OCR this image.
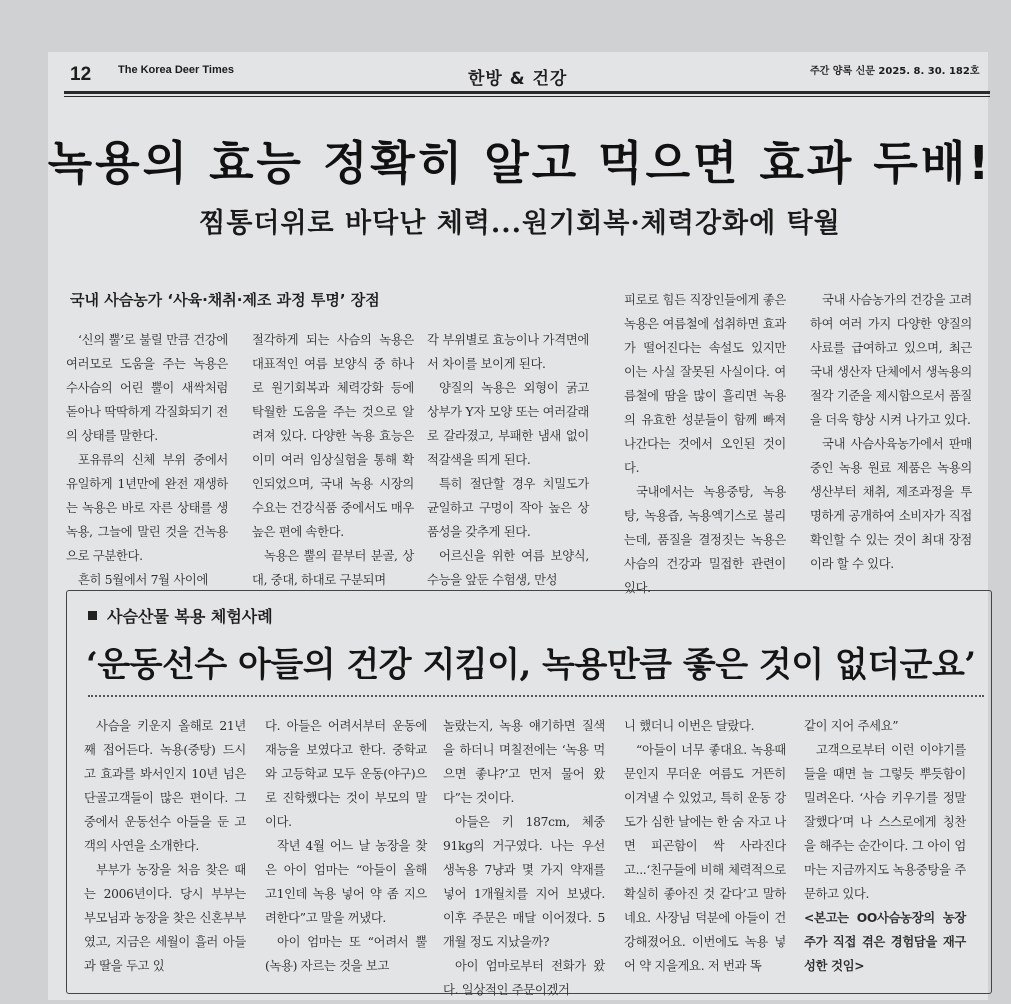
12 The Korea Deer Times	한방 & 건강	주간 양록 신문 2025. 8. 30. 182호
녹용의 효능 정확히 알고 먹으면 효과 두배!
찜통더위로 바닥난 체력...원기회복·체력강화에 탁월
국내 사슴농가 ‘사육·채취·제조 과정 투명’ 장점

‘신의 뿔’로 불릴 만큼 건강에 여러모로 도움을 주는 녹용은 수사슴의 어린 뿔이 새싹처럼 돋아나 딱딱하게 각질화되기 전의 상태를 말한다.

포유류의 신체 부위 중에서 유일하게 1년만에 완전 재생하는 녹용은 바로 자른 상태를 생녹용, 그늘에 말린 것을 건녹용으로 구분한다.

흔히 5월에서 7월 사이에

절각하게 되는 사슴의 녹용은 대표적인 여름 보양식 중 하나로 원기회복과 체력강화 등에 탁월한 도움을 주는 것으로 알려져 있다. 다양한 녹용 효능은 이미 여러 임상실험을 통해 확인되었으며, 국내 녹용 시장의 수요는 건강식품 중에서도 매우 높은 편에 속한다.

녹용은 뿔의 끝부터 분골, 상대, 중대, 하대로 구분되며

각 부위별로 효능이나 가격면에서 차이를 보이게 된다.

양질의 녹용은 외형이 굵고 상부가 Y자 모양 또는 여러갈래로 갈라졌고, 부패한 냄새 없이 적갈색을 띄게 된다.

특히 절단할 경우 치밀도가 균일하고 구멍이 작아 높은 상품성을 갖추게 된다.

어르신을 위한 여름 보양식, 수능을 앞둔 수험생, 만성

피로로 힘든 직장인들에게 좋은 녹용은 여름철에 섭취하면 효과가 떨어진다는 속설도 있지만 이는 사실 잘못된 사실이다. 여름철에 땀을 많이 흘리면 녹용의 유효한 성분들이 함께 빠져나간다는 것에서 오인된 것이다.

국내에서는 녹용중탕, 녹용탕, 녹용즙, 녹용엑기스로 불리는데, 품질을 결정짓는 녹용은 사슴의 건강과 밀접한 관련이 있다.

국내 사슴농가의 건강을 고려하여 여러 가지 다양한 양질의 사료를 급여하고 있으며, 최근 국내 생산자 단체에서 생녹용의 절각 기준을 제시함으로서 품질을 더욱 향상 시켜 나가고 있다.

국내 사슴사육농가에서 판매중인 녹용 원료 제품은 녹용의 생산부터 채취, 제조과정을 투명하게 공개하여 소비자가 직접 확인할 수 있는 것이 최대 장점이라 할 수 있다.

사슴산물 복용 체험사례
‘운동선수 아들의 건강 지킴이, 녹용만큼 좋은 것이 없더군요’

사슴을 키운지 올해로 21년째 접어든다. 녹용(중탕) 드시고 효과를 봐서인지 10년 넘은 단골고객들이 많은 편이다. 그중에서 운동선수 아들을 둔 고객의 사연을 소개한다.

부부가 농장을 처음 찾은 때는 2006년이다. 당시 부부는 부모님과 농장을 찾은 신혼부부였고, 지금은 세월이 흘러 아들과 딸을 두고 있

다. 아들은 어려서부터 운동에 재능을 보였다고 한다. 중학교와 고등학교 모두 운동(야구)으로 진학했다는 것이 부모의 말이다.

작년 4월 어느 날 농장을 찾은 아이 엄마는 “아들이 올해 고1인데 녹용 넣어 약 좀 지으려한다”고 말을 꺼냈다.

아이 엄마는 또 “어려서 뿔(녹용) 자르는 것을 보고

놀랐는지, 녹용 얘기하면 질색을 하더니 며칠전에는 ‘녹용 먹으면 좋냐?’고 먼저 물어 왔다”는 것이다.

아들은 키 187cm, 체중 91kg의 거구였다. 나는 우선 생녹용 7냥과 몇 가지 약재를 넣어 1개월치를 지어 보냈다. 이후 주문은 매달 이어졌다. 5개월 정도 지났을까?

아이 엄마로부터 전화가 왔다. 일상적인 주문이겠거

니 했더니 이번은 달랐다.

“아들이 너무 좋대요. 녹용때문인지 무더운 여름도 거뜬히 이겨낼 수 있었고, 특히 운동 강도가 심한 날에는 한 숨 자고 나면 피곤함이 싹 사라진다고...‘친구들에 비해 체력적으로 확실히 좋아진 것 같다’고 말하네요. 사장님 덕분에 아들이 건강해졌어요. 이번에도 녹용 넣어 약 지을게요. 저 번과 똑

같이 지어 주세요”

고객으로부터 이런 이야기를 들을 때면 늘 그렇듯 뿌듯함이 밀려온다. ‘사슴 키우기를 정말 잘했다’며 나 스스로에게 칭찬을 해주는 순간이다. 그 아이 엄마는 지금까지도 녹용중탕을 주문하고 있다.

<본고는 OO사슴농장의 농장주가 직접 겪은 경험담을 재구성한 것임>
